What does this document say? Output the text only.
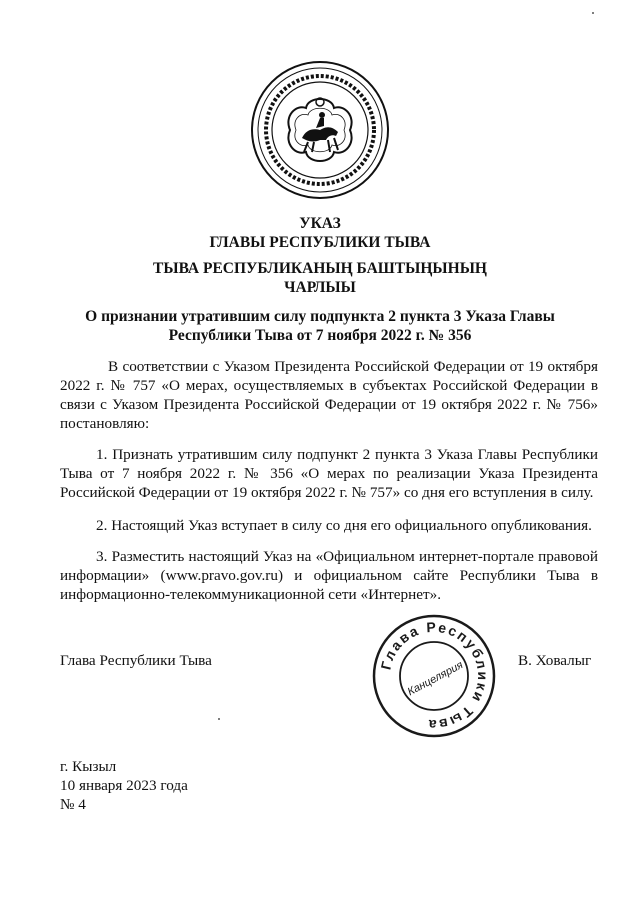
УКАЗ
ГЛАВЫ РЕСПУБЛИКИ ТЫВА
ТЫВА РЕСПУБЛИКАНЫҢ БАШТЫҢЫНЫҢ
ЧАРЛЫЫ
О признании утратившим силу подпункта 2 пункта 3 Указа Главы
Республики Тыва от 7 ноября 2022 г. № 356
В соответствии с Указом Президента Российской Федерации от 19 октября 2022 г. № 757 «О мерах, осуществляемых в субъектах Российской Федерации в связи с Указом Президента Российской Федерации от 19 октября 2022 г. № 756» постановляю:
1. Признать утратившим силу подпункт 2 пункта 3 Указа Главы Республики Тыва от 7 ноября 2022 г. № 356 «О мерах по реализации Указа Президента Российской Федерации от 19 октября 2022 г. № 757» со дня его вступления в силу.
2. Настоящий Указ вступает в силу со дня его официального опубликования.
3. Разместить настоящий Указ на «Официальном интернет-портале правовой информации» (www.pravo.gov.ru) и официальном сайте Республики Тыва в информационно-телекоммуникационной сети «Интернет».
Глава Республики Тыва	В. Ховалыг
Глава Республики Тыва
Канцелярия
г. Кызыл
10 января 2023 года
№ 4
